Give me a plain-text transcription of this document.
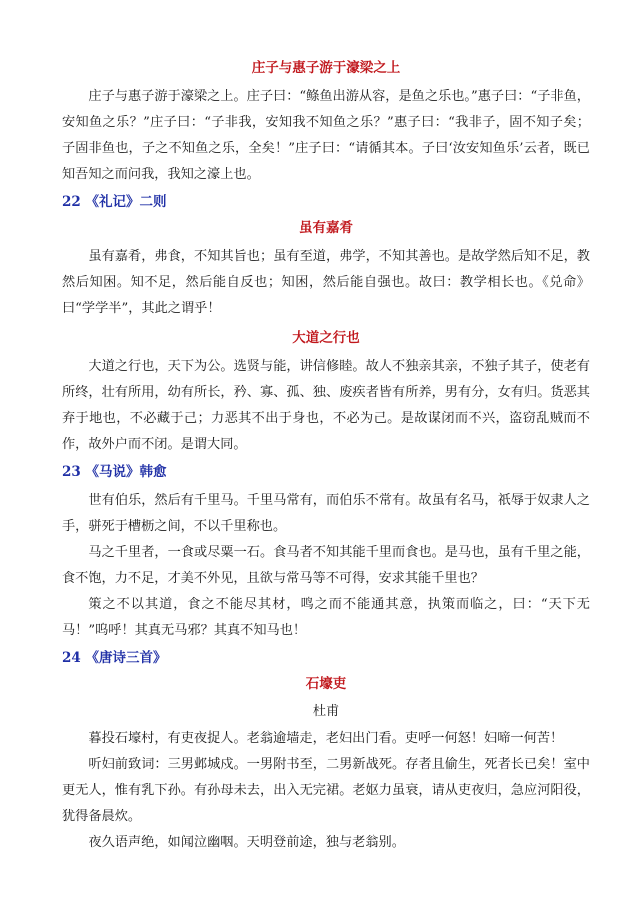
庄子与惠子游于濠梁之上

庄子与惠子游于濠梁之上。庄子曰：“鲦鱼出游从容，是鱼之乐也。”惠子曰：“子非鱼，安知鱼之乐？”庄子曰：“子非我，安知我不知鱼之乐？”惠子曰：“我非子，固不知子矣；子固非鱼也，子之不知鱼之乐，全矣！”庄子曰：“请循其本。子曰‘汝安知鱼乐’云者，既已知吾知之而问我，我知之濠上也。

22 《礼记》二则
虽有嘉肴

虽有嘉肴，弗食，不知其旨也；虽有至道，弗学，不知其善也。是故学然后知不足，教然后知困。知不足，然后能自反也；知困，然后能自强也。故曰：教学相长也。《兑命》曰“学学半”，其此之谓乎！

大道之行也

大道之行也，天下为公。选贤与能，讲信修睦。故人不独亲其亲，不独子其子，使老有所终，壮有所用，幼有所长，矜、寡、孤、独、废疾者皆有所养，男有分，女有归。货恶其弃于地也，不必藏于己；力恶其不出于身也，不必为己。是故谋闭而不兴，盗窃乱贼而不作，故外户而不闭。是谓大同。

23 《马说》韩愈

世有伯乐，然后有千里马。千里马常有，而伯乐不常有。故虽有名马，祇辱于奴隶人之手，骈死于槽枥之间，不以千里称也。

马之千里者，一食或尽粟一石。食马者不知其能千里而食也。是马也，虽有千里之能，食不饱，力不足，才美不外见，且欲与常马等不可得，安求其能千里也？

策之不以其道，食之不能尽其材，鸣之而不能通其意，执策而临之，曰：“天下无马！”呜呼！其真无马邪？其真不知马也！

24 《唐诗三首》
石壕吏
杜甫

暮投石壕村，有吏夜捉人。老翁逾墙走，老妇出门看。吏呼一何怒！妇啼一何苦！

听妇前致词：三男邺城戍。一男附书至，二男新战死。存者且偷生，死者长已矣！室中更无人，惟有乳下孙。有孙母未去，出入无完裙。老妪力虽衰，请从吏夜归，急应河阳役，犹得备晨炊。

夜久语声绝，如闻泣幽咽。天明登前途，独与老翁别。
